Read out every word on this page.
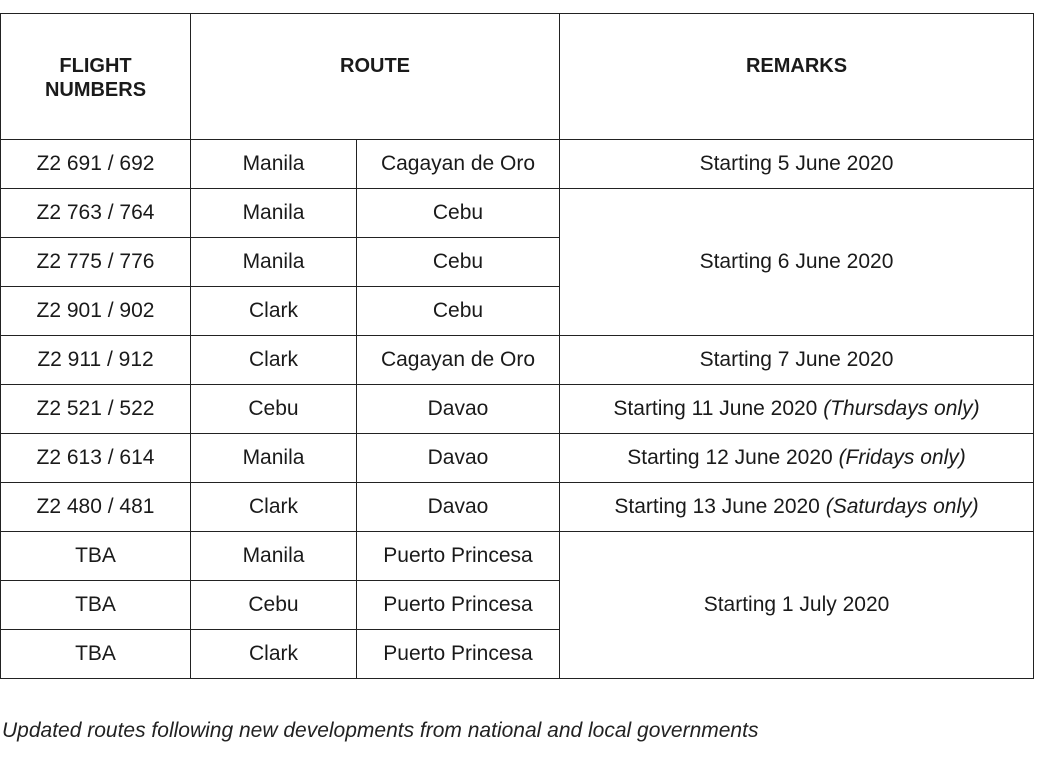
FLIGHT
NUMBERS	ROUTE		REMARKS
Z2 691 / 692	Manila	Cagayan de Oro	Starting 5 June 2020
Z2 763 / 764	Manila	Cebu	Starting 6 June 2020
Z2 775 / 776	Manila	Cebu	
Z2 901 / 902	Clark	Cebu	
Z2 911 / 912	Clark	Cagayan de Oro	Starting 7 June 2020
Z2 521 / 522	Cebu	Davao	Starting 11 June 2020 (Thursdays only)
Z2 613 / 614	Manila	Davao	Starting 12 June 2020 (Fridays only)
Z2 480 / 481	Clark	Davao	Starting 13 June 2020 (Saturdays only)
TBA	Manila	Puerto Princesa	Starting 1 July 2020
TBA	Cebu	Puerto Princesa	
TBA	Clark	Puerto Princesa	
Updated routes following new developments from national and local governments
